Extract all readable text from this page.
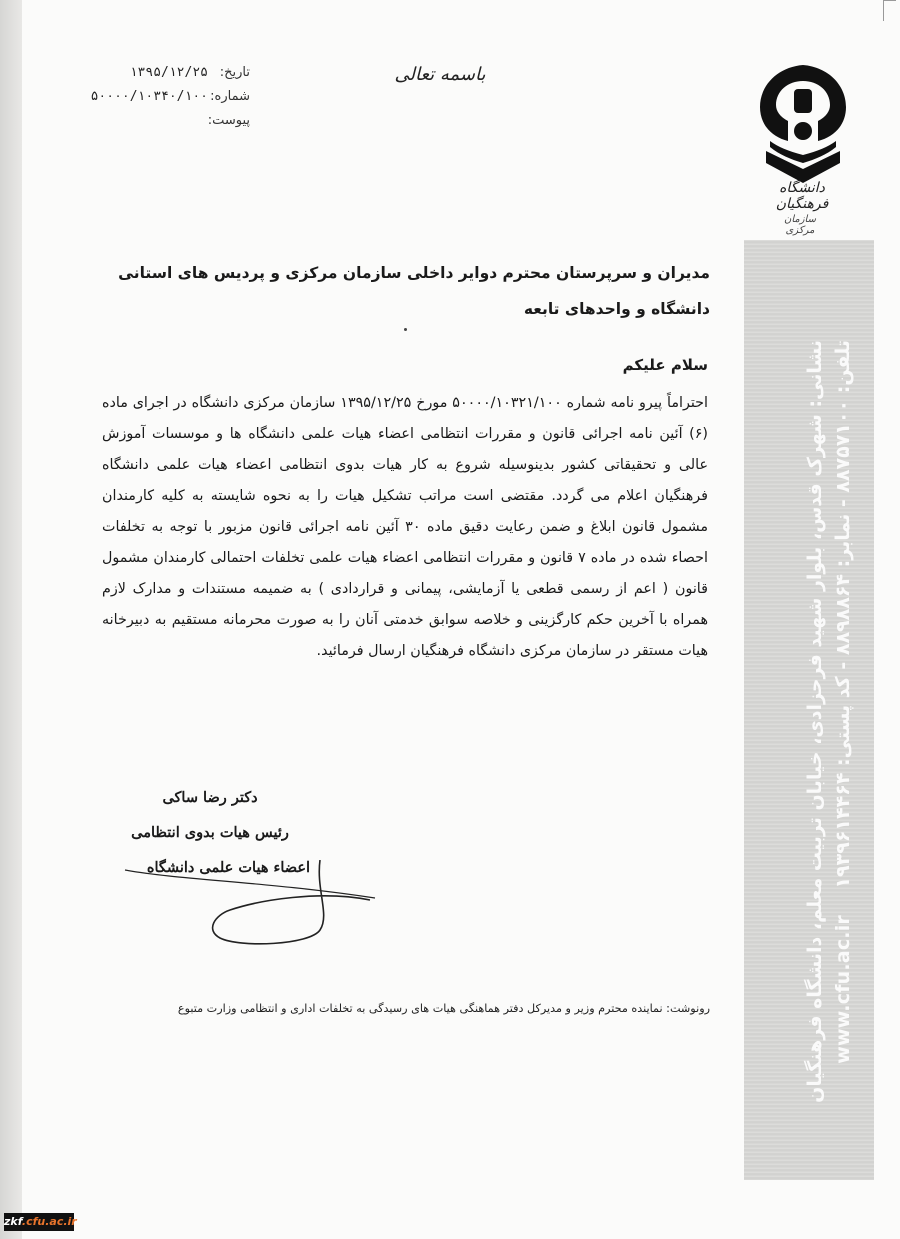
نشانی: شهرک قدس، بلوار شهید فرحزادی، خیابان تربیت معلم، دانشگاه فرهنگیان تلفن: ۸۸۷۵۷۱۰۰ - نمابر: ۸۸۹۸۸۶۴ - کد پستی: ۱۹۳۹۶۱۴۴۶۴    www.cfu.ac.ir
دانشگاه فرهنگیان
سازمان مرکزی
باسمه تعالی
تاریخ:
۱۳۹۵/۱۲/۲۵
شماره:
۵۰۰۰۰/۱۰۳۴۰/۱۰۰
پیوست:
مدیران و سرپرستان محترم دوایر داخلی سازمان مرکزی و پردیس های استانی دانشگاه و واحدهای تابعه
سلام علیکم
احتراماً پیرو نامه شماره ۵۰۰۰۰/۱۰۳۲۱/۱۰۰ مورخ ۱۳۹۵/۱۲/۲۵ سازمان مرکزی دانشگاه در اجرای ماده (۶) آئین نامه اجرائی قانون و مقررات انتظامی اعضاء هیات علمی دانشگاه ها و موسسات آموزش عالی و تحقیقاتی کشور بدینوسیله شروع به کار هیات بدوی انتظامی اعضاء هیات علمی دانشگاه فرهنگیان اعلام می گردد. مقتضی است مراتب تشکیل هیات را به نحوه شایسته به کلیه کارمندان مشمول قانون ابلاغ و ضمن رعایت دقیق ماده ۳۰ آئین نامه اجرائی قانون مزبور با توجه به تخلفات احصاء شده در ماده ۷ قانون و مقررات انتظامی اعضاء هیات علمی تخلفات احتمالی کارمندان مشمول قانون ( اعم از رسمی قطعی یا آزمایشی، پیمانی و قراردادی ) به ضمیمه مستندات و مدارک لازم همراه با آخرین حکم کارگزینی و خلاصه سوابق خدمتی آنان را به صورت محرمانه مستقیم به دبیرخانه هیات مستقر در سازمان مرکزی دانشگاه فرهنگیان ارسال فرمائید.
دکتر رضا ساکی
رئیس هیات بدوی انتظامی
اعضاء هیات علمی دانشگاه
رونوشت: نماینده محترم وزیر و مدیرکل دفتر هماهنگی هیات های رسیدگی به تخلفات اداری و انتظامی وزارت متبوع
zkf.cfu.ac.ir
